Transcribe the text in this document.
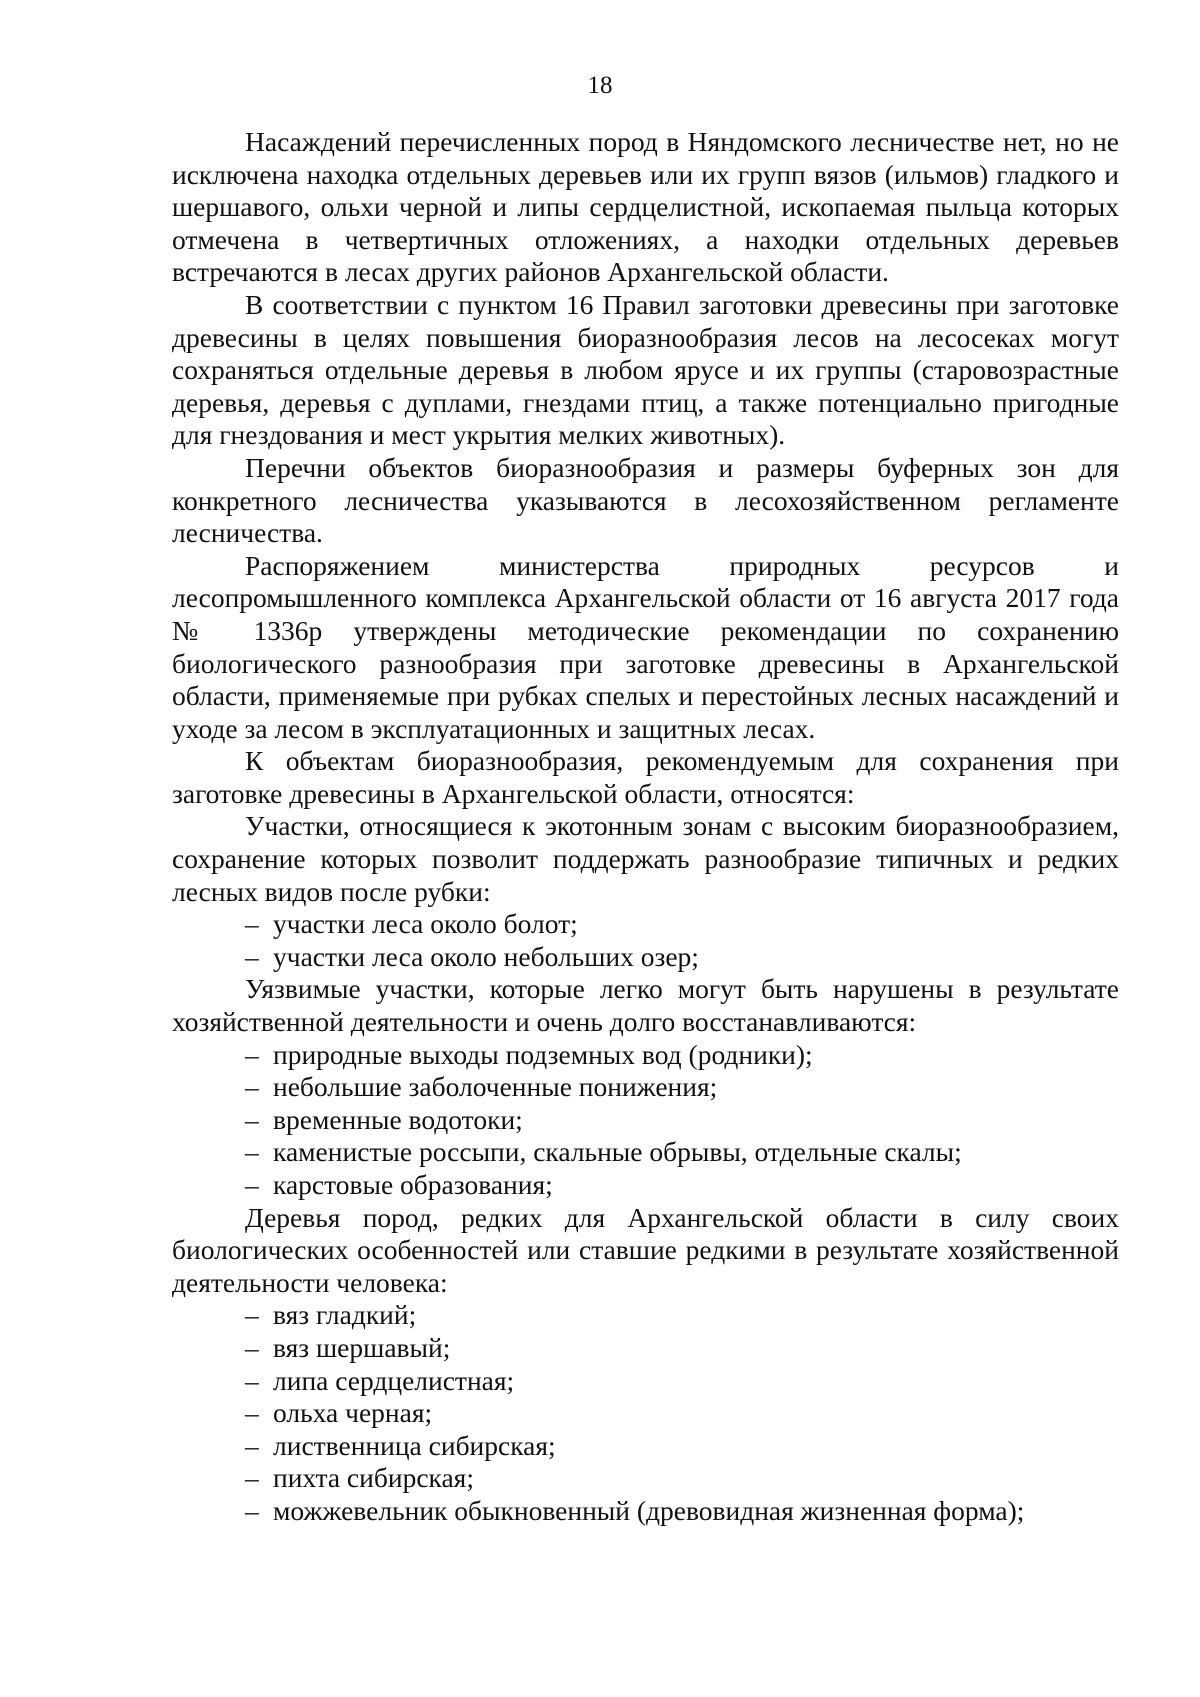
18

Насаждений перечисленных пород в Няндомского лесничестве нет, но не исключена находка отдельных деревьев или их групп вязов (ильмов) гладкого и шершавого, ольхи черной и липы сердцелистной, ископаемая пыльца которых отмечена в четвертичных отложениях, а находки отдельных деревьев встречаются в лесах других районов Архангельской области.

В соответствии с пунктом 16 Правил заготовки древесины при заготовке древесины в целях повышения биоразнообразия лесов на лесосеках могут сохраняться отдельные деревья в любом ярусе и их группы (старовозрастные деревья, деревья с дуплами, гнездами птиц, а также потенциально пригодные для гнездования и мест укрытия мелких животных).

Перечни объектов биоразнообразия и размеры буферных зон для конкретного лесничества указываются в лесохозяйственном регламенте лесничества.

Распоряжением министерства природных ресурсов и лесопромышленного комплекса Архангельской области от 16 августа 2017 года № 1336р утверждены методические рекомендации по сохранению биологического разнообразия при заготовке древесины в Архангельской области, применяемые при рубках спелых и перестойных лесных насаждений и уходе за лесом в эксплуатационных и защитных лесах.

К объектам биоразнообразия, рекомендуемым для сохранения при заготовке древесины в Архангельской области, относятся:

Участки, относящиеся к экотонным зонам с высоким биоразнообразием, сохранение которых позволит поддержать разнообразие типичных и редких лесных видов после рубки:

– участки леса около болот;
– участки леса около небольших озер;

Уязвимые участки, которые легко могут быть нарушены в результате хозяйственной деятельности и очень долго восстанавливаются:

– природные выходы подземных вод (родники);
– небольшие заболоченные понижения;
– временные водотоки;
– каменистые россыпи, скальные обрывы, отдельные скалы;
– карстовые образования;

Деревья пород, редких для Архангельской области в силу своих биологических особенностей или ставшие редкими в результате хозяйственной деятельности человека:

– вяз гладкий;
– вяз шершавый;
– липа сердцелистная;
– ольха черная;
– лиственница сибирская;
– пихта сибирская;
– можжевельник обыкновенный (древовидная жизненная форма);
